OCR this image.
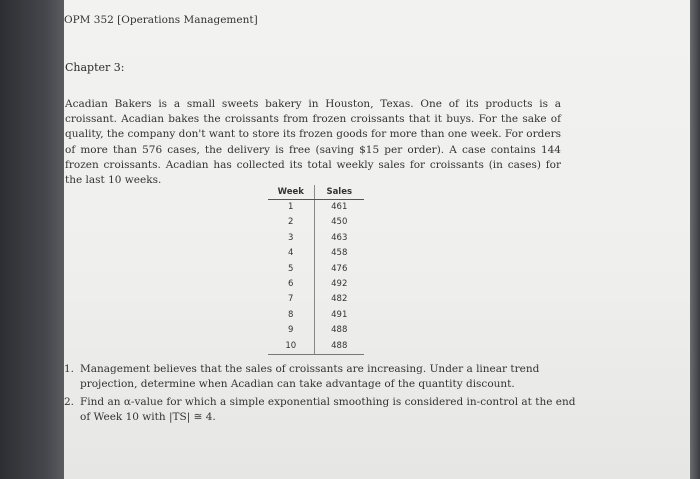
OPM 352 [Operations Management]
Chapter 3:

Acadian Bakers is a small sweets bakery in Houston, Texas. One of its products is a croissant. Acadian bakes the croissants from frozen croissants that it buys. For the sake of quality, the company don't want to store its frozen goods for more than one week. For orders of more than 576 cases, the delivery is free (saving $15 per order). A case contains 144 frozen croissants. Acadian has collected its total weekly sales for croissants (in cases) for the last 10 weeks.

Week	Sales
1	461
2	450
3	463
4	458
5	476
6	492
7	482
8	491
9	488
10	488
1. Management believes that the sales of croissants are increasing. Under a linear trend projection, determine when Acadian can take advantage of the quantity discount.
2. Find an α-value for which a simple exponential smoothing is considered in-control at the end of Week 10 with |TS| ≅ 4.
